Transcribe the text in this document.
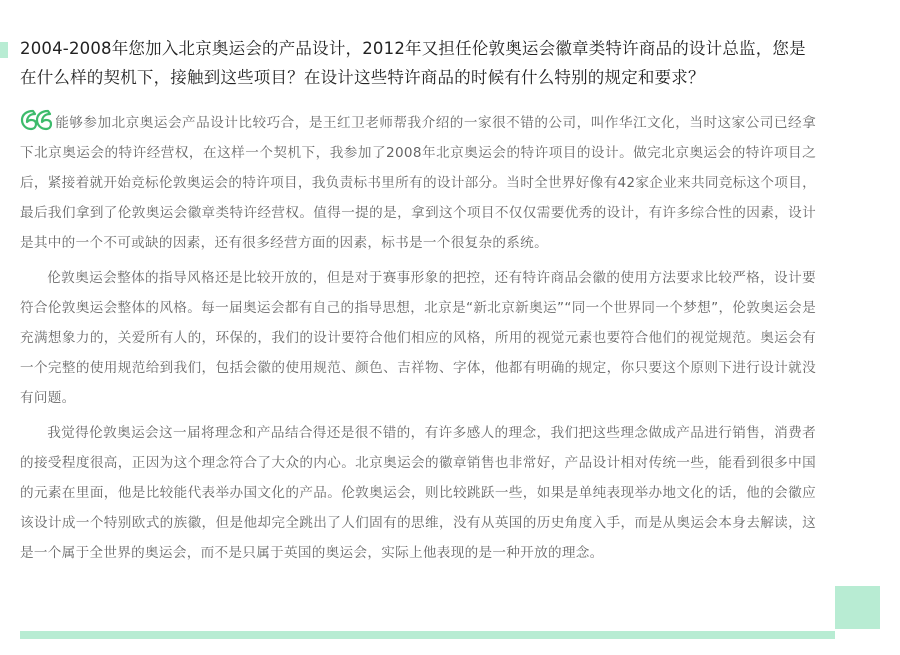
2004-2008年您加入北京奥运会的产品设计，2012年又担任伦敦奥运会徽章类特许商品的设计总监，您是在什么样的契机下，接触到这些项目？在设计这些特许商品的时候有什么特别的规定和要求？

能够参加北京奥运会产品设计比较巧合，是王红卫老师帮我介绍的一家很不错的公司，叫作华江文化，当时这家公司已经拿下北京奥运会的特许经营权，在这样一个契机下，我参加了2008年北京奥运会的特许项目的设计。做完北京奥运会的特许项目之后，紧接着就开始竞标伦敦奥运会的特许项目，我负责标书里所有的设计部分。当时全世界好像有42家企业来共同竞标这个项目，最后我们拿到了伦敦奥运会徽章类特许经营权。值得一提的是，拿到这个项目不仅仅需要优秀的设计，有许多综合性的因素，设计是其中的一个不可或缺的因素，还有很多经营方面的因素，标书是一个很复杂的系统。

伦敦奥运会整体的指导风格还是比较开放的，但是对于赛事形象的把控，还有特许商品会徽的使用方法要求比较严格，设计要符合伦敦奥运会整体的风格。每一届奥运会都有自己的指导思想，北京是“新北京新奥运”“同一个世界同一个梦想”，伦敦奥运会是充满想象力的，关爱所有人的，环保的，我们的设计要符合他们相应的风格，所用的视觉元素也要符合他们的视觉规范。奥运会有一个完整的使用规范给到我们，包括会徽的使用规范、颜色、吉祥物、字体，他都有明确的规定，你只要这个原则下进行设计就没有问题。

我觉得伦敦奥运会这一届将理念和产品结合得还是很不错的，有许多感人的理念，我们把这些理念做成产品进行销售，消费者的接受程度很高，正因为这个理念符合了大众的内心。北京奥运会的徽章销售也非常好，产品设计相对传统一些，能看到很多中国的元素在里面，他是比较能代表举办国文化的产品。伦敦奥运会，则比较跳跃一些，如果是单纯表现举办地文化的话，他的会徽应该设计成一个特别欧式的族徽，但是他却完全跳出了人们固有的思维，没有从英国的历史角度入手，而是从奥运会本身去解读，这是一个属于全世界的奥运会，而不是只属于英国的奥运会，实际上他表现的是一种开放的理念。
